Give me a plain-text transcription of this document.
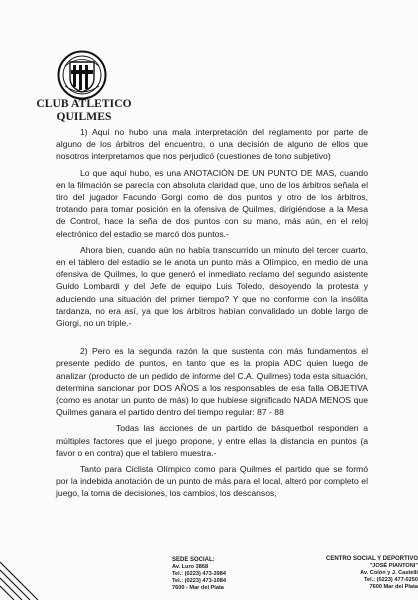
CLUB ATLETICO
QUILMES

1) Aquí no hubo una mala interpretación del reglamento por parte de alguno de los árbitros del encuentro, o una decisión de alguno de ellos que nosotros interpretamos que nos perjudicó (cuestiones de tono subjetivo)

Lo que aquí hubo, es una ANOTACIÓN DE UN PUNTO DE MAS, cuando en la filmación se parecía con absoluta claridad que, uno de los árbitros señala el tiro del jugador Facundo Gorgi como de dos puntos y otro de los árbitros, trotando para tomar posición en la ofensiva de Quilmes, dirigiéndose a la Mesa de Control, hace la seña de dos puntos con su mano, más aún, en el reloj electrónico del estadio se marcó dos puntos.-

Ahora bien, cuando aún no había transcurrido un minuto del tercer cuarto, en el tablero del estadio se le anota un punto más a Olímpico, en medio de una ofensiva de Quilmes, lo que generó el inmediato reclamo del segundo asistente Guido Lombardi y del Jefe de equipo Luis Toledo, desoyendo la protesta y aduciendo una situación del primer tiempo? Y que no conforme con la insólita tardanza, no era así, ya que los árbitros habían convalidado un doble largo de Giorgi, no un triple.-

2) Pero es la segunda razón la que sustenta con más fundamentos el presente pedido de puntos, en tanto que es la propia ADC quien luego de analizar (producto de un pedido de informe del C.A. Quilmes) toda esta situación, determina sancionar por DOS AÑOS a los responsables de esa falla OBJETIVA (como es anotar un punto de más) lo que hubiese significado NADA MENOS que Quilmes ganara el partido dentro del tiempo regular: 87 - 88

Todas las acciones de un partido de básquetbol responden a múltiples factores que el juego propone, y entre ellas la distancia en puntos (a favor o en contra) que el tablero muestra.-

Tanto para Ciclista Olímpico como para Quilmes el partido que se formó por la indebida anotación de un punto de más para el local, alteró por completo el juego, la toma de decisiones, los cambios, los descansos,

SEDE SOCIAL:
Av. Luro 3868
Tel.: (0223) 473-3984
Tel.: (0223) 473-1084
7600 - Mar del Plata
CENTRO SOCIAL Y DEPORTIVO
"JOSÉ PIANTONI"
Av. Colón y J. Castelli
Tel.: (0223) 477-0250
7600 Mar del Plata
